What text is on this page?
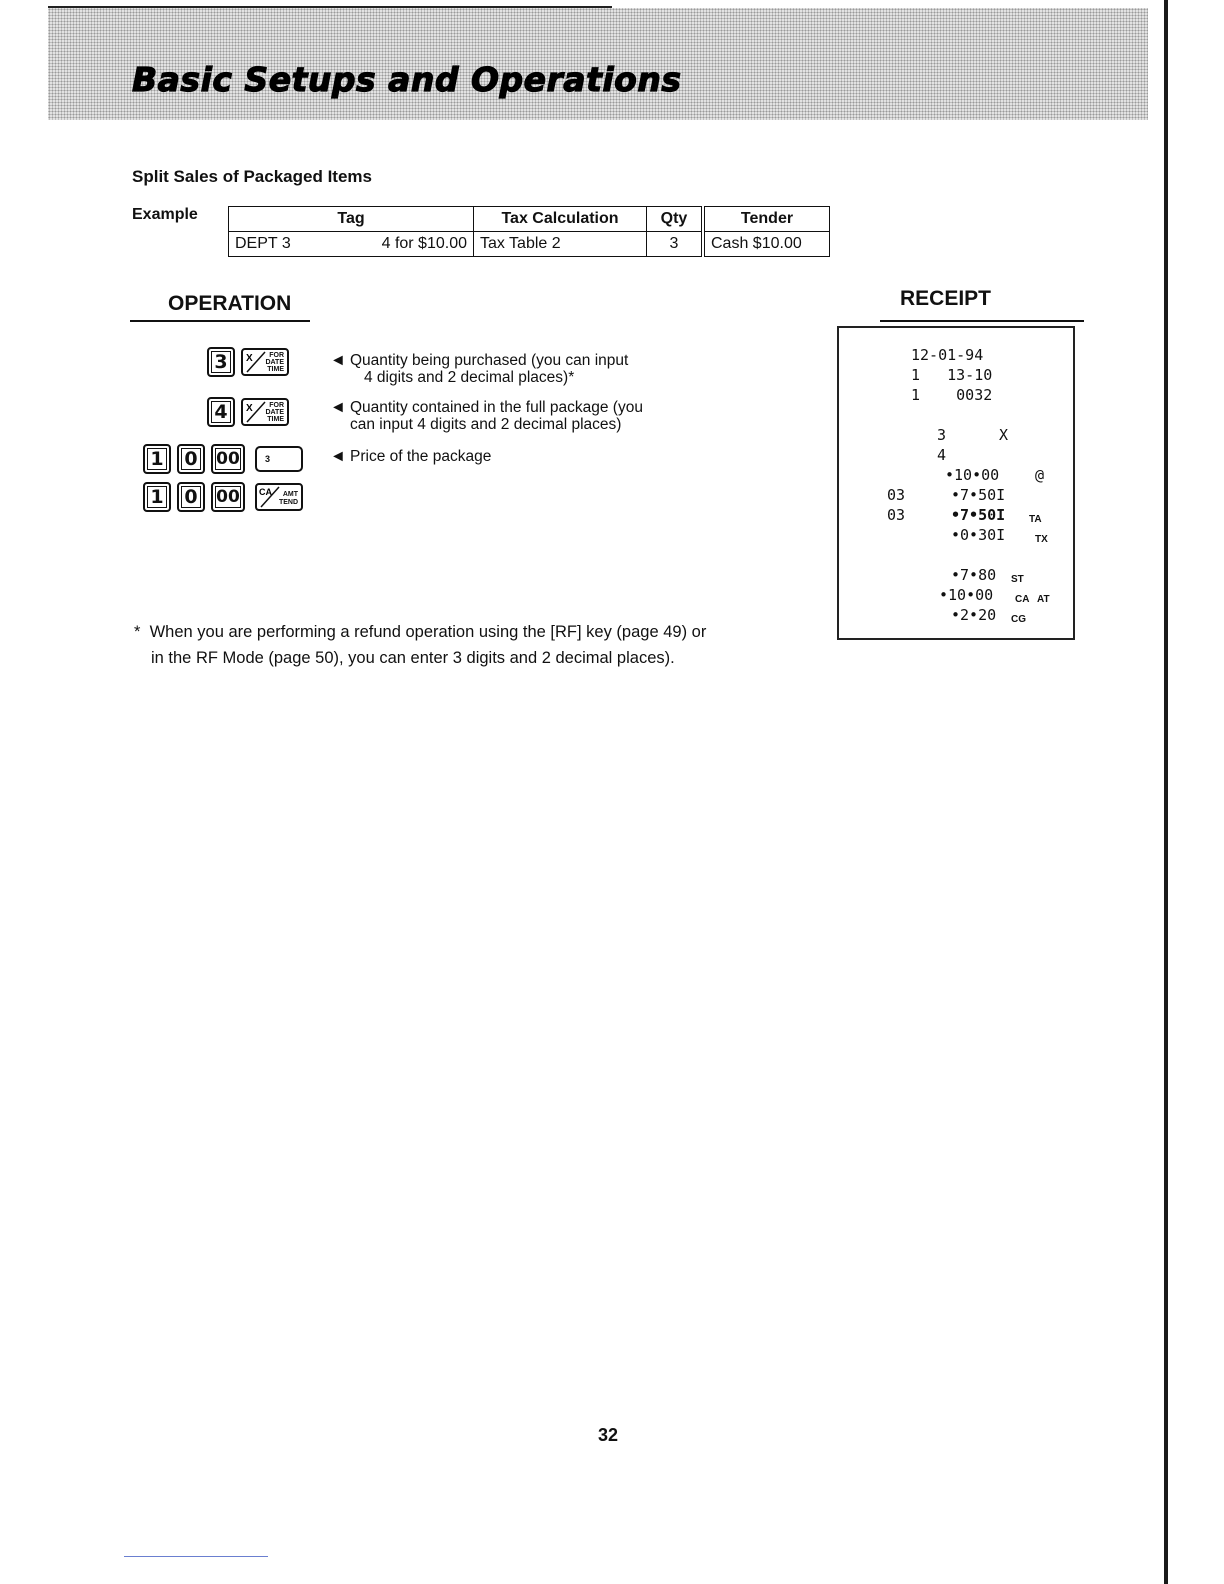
Basic Setups and Operations
Split Sales of Packaged Items
Example	Tag	Tax Calculation	Qty	Tender

DEPT 3 4 for $10.00	Tax Table 2	3	Cash $10.00
OPERATION	RECEIPT
3	X FOR
DATE
TIME
4	X FOR
DATE
TIME
1	0	00	3
1	0	00	CA AMT
TEND
◄ Quantity being purchased (you can input
4 digits and 2 decimal places)*
◄ Quantity contained in the full package (you
can input 4 digits and 2 decimal places)
◄ Price of the package
12-01-94
1   13-10
1    0032
3	X
4
•10•00 @
03	•7•50I
03	•7•50I TA
•0•30I	TX
•7•80 ST
•10•00 CA AT
•2•20 CG
* When you are performing a refund operation using the [RF] key (page 49) or
in the RF Mode (page 50), you can enter 3 digits and 2 decimal places).
32
